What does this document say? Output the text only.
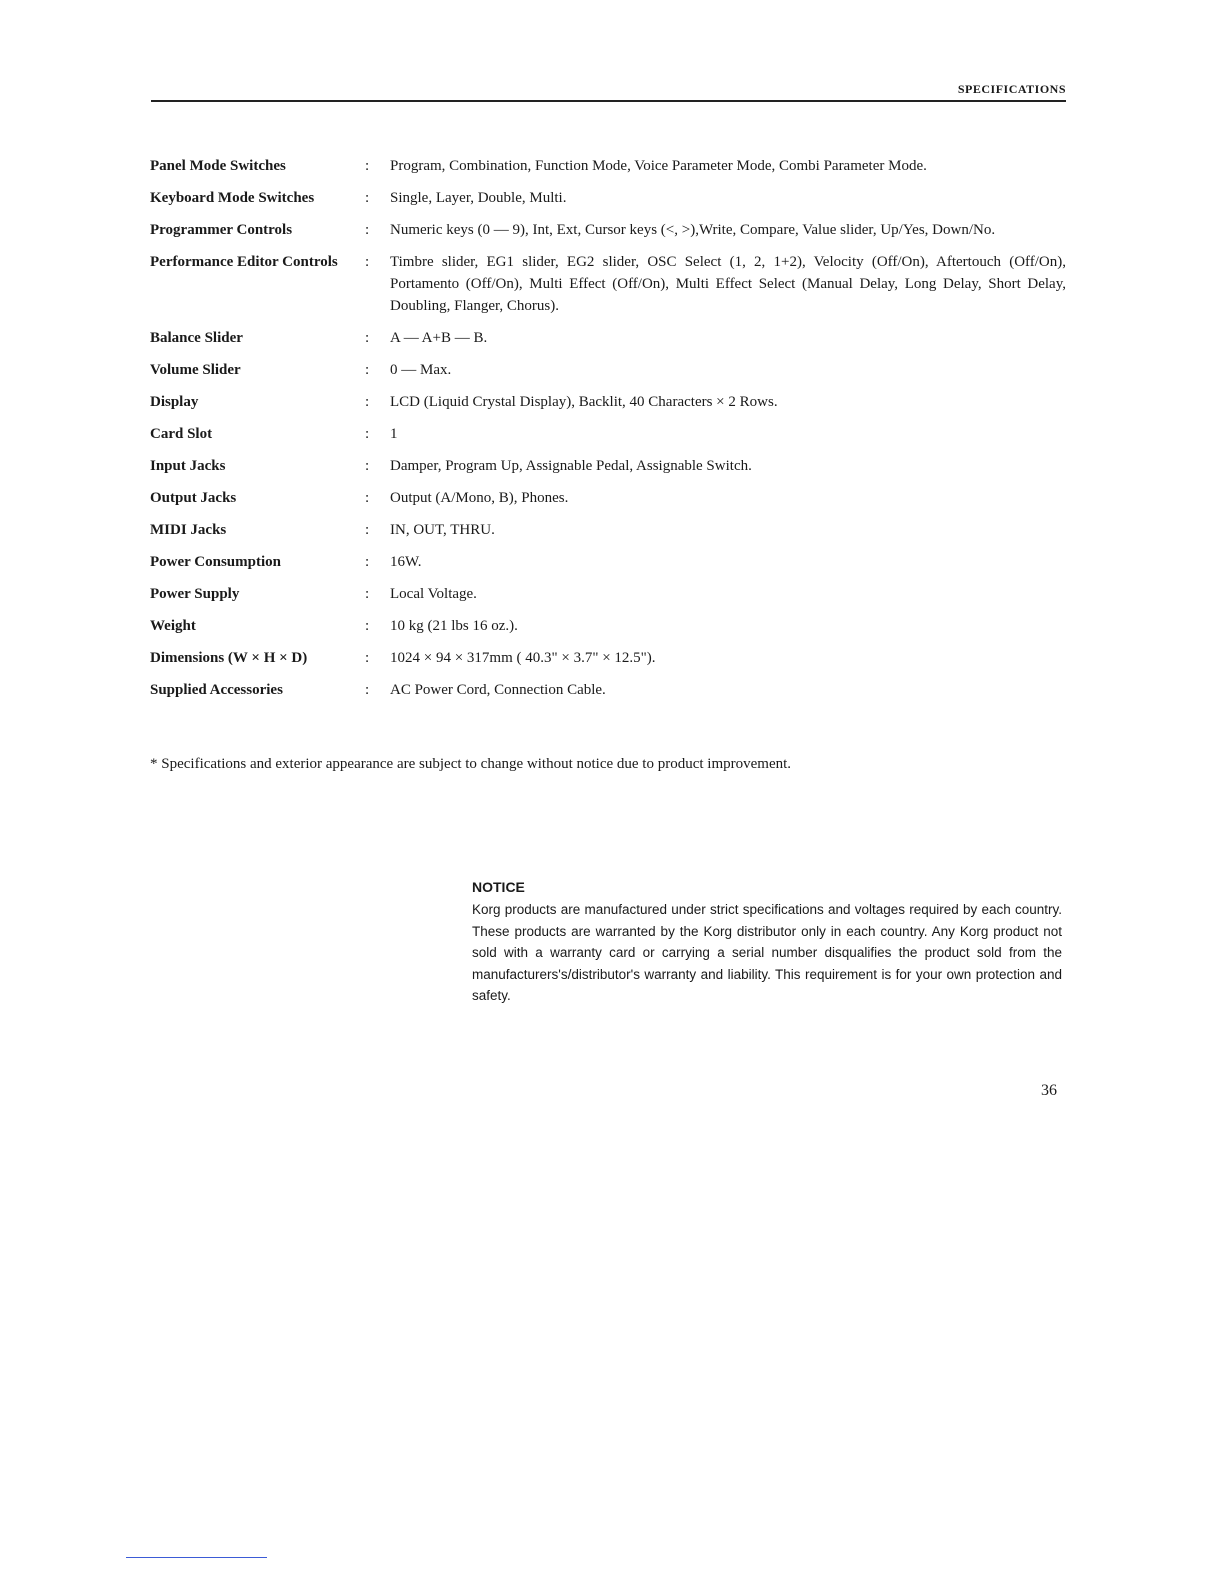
SPECIFICATIONS
Panel Mode Switches	:	Program, Combination, Function Mode, Voice Parameter Mode, Combi Parameter Mode.
Keyboard Mode Switches	:	Single, Layer, Double, Multi.
Programmer Controls	:	Numeric keys (0 — 9), Int, Ext, Cursor keys (<, >),Write, Compare, Value slider, Up/Yes, Down/No.
Performance Editor Controls	:	Timbre slider, EG1 slider, EG2 slider, OSC Select (1, 2, 1+2), Velocity (Off/On), Aftertouch (Off/On), Portamento (Off/On), Multi Effect (Off/On), Multi Effect Select (Manual Delay, Long Delay, Short Delay, Doubling, Flanger, Chorus).
Balance Slider	:	A — A+B — B.
Volume Slider	:	0 — Max.
Display	:	LCD (Liquid Crystal Display), Backlit, 40 Characters × 2 Rows.
Card Slot	:	1
Input Jacks	:	Damper, Program Up, Assignable Pedal, Assignable Switch.
Output Jacks	:	Output (A/Mono, B), Phones.
MIDI Jacks	:	IN, OUT, THRU.
Power Consumption	:	16W.
Power Supply	:	Local Voltage.
Weight	:	10 kg (21 lbs 16 oz.).
Dimensions (W × H × D)	:	1024 × 94 × 317mm ( 40.3" × 3.7" × 12.5").
Supplied Accessories	:	AC Power Cord, Connection Cable.
* Specifications and exterior appearance are subject to change without notice due to product improvement.
NOTICE
Korg products are manufactured under strict specifications and voltages required by each country. These products are warranted by the Korg distributor only in each country. Any Korg product not sold with a warranty card or carrying a serial number disqualifies the product sold from the manufacturers's/distributor's warranty and liability. This requirement is for your own protection and safety.
36
